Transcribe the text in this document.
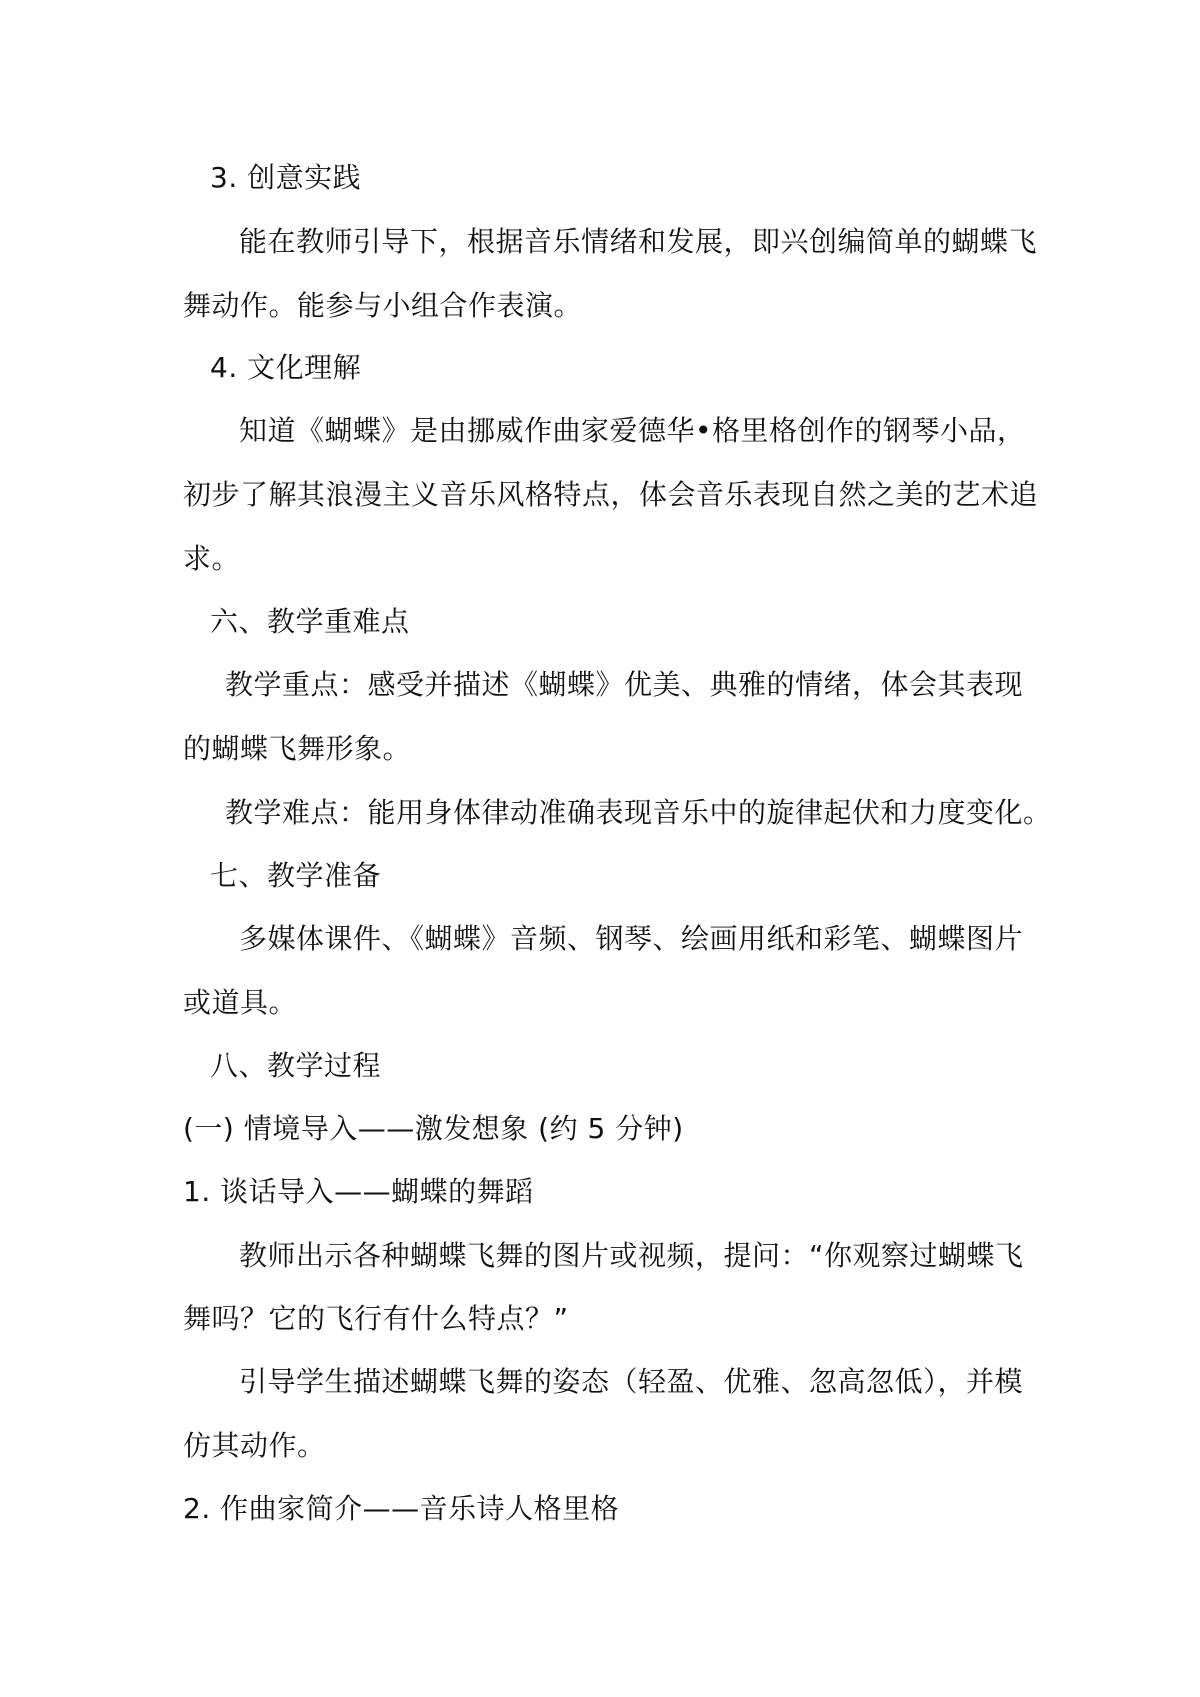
3. 创意实践
能在教师引导下，根据音乐情绪和发展，即兴创编简单的蝴蝶飞
舞动作。能参与小组合作表演。
4. 文化理解
知道《蝴蝶》是由挪威作曲家爱德华•格里格创作的钢琴小品，
初步了解其浪漫主义音乐风格特点，体会音乐表现自然之美的艺术追
求。
六、教学重难点
教学重点：感受并描述《蝴蝶》优美、典雅的情绪，体会其表现
的蝴蝶飞舞形象。
教学难点：能用身体律动准确表现音乐中的旋律起伏和力度变化。
七、教学准备
多媒体课件、《蝴蝶》音频、钢琴、绘画用纸和彩笔、蝴蝶图片
或道具。
八、教学过程
(一) 情境导入——激发想象 (约 5 分钟)
1. 谈话导入——蝴蝶的舞蹈
教师出示各种蝴蝶飞舞的图片或视频，提问：“你观察过蝴蝶飞
舞吗？它的飞行有什么特点？”
引导学生描述蝴蝶飞舞的姿态（轻盈、优雅、忽高忽低），并模
仿其动作。
2. 作曲家简介——音乐诗人格里格
